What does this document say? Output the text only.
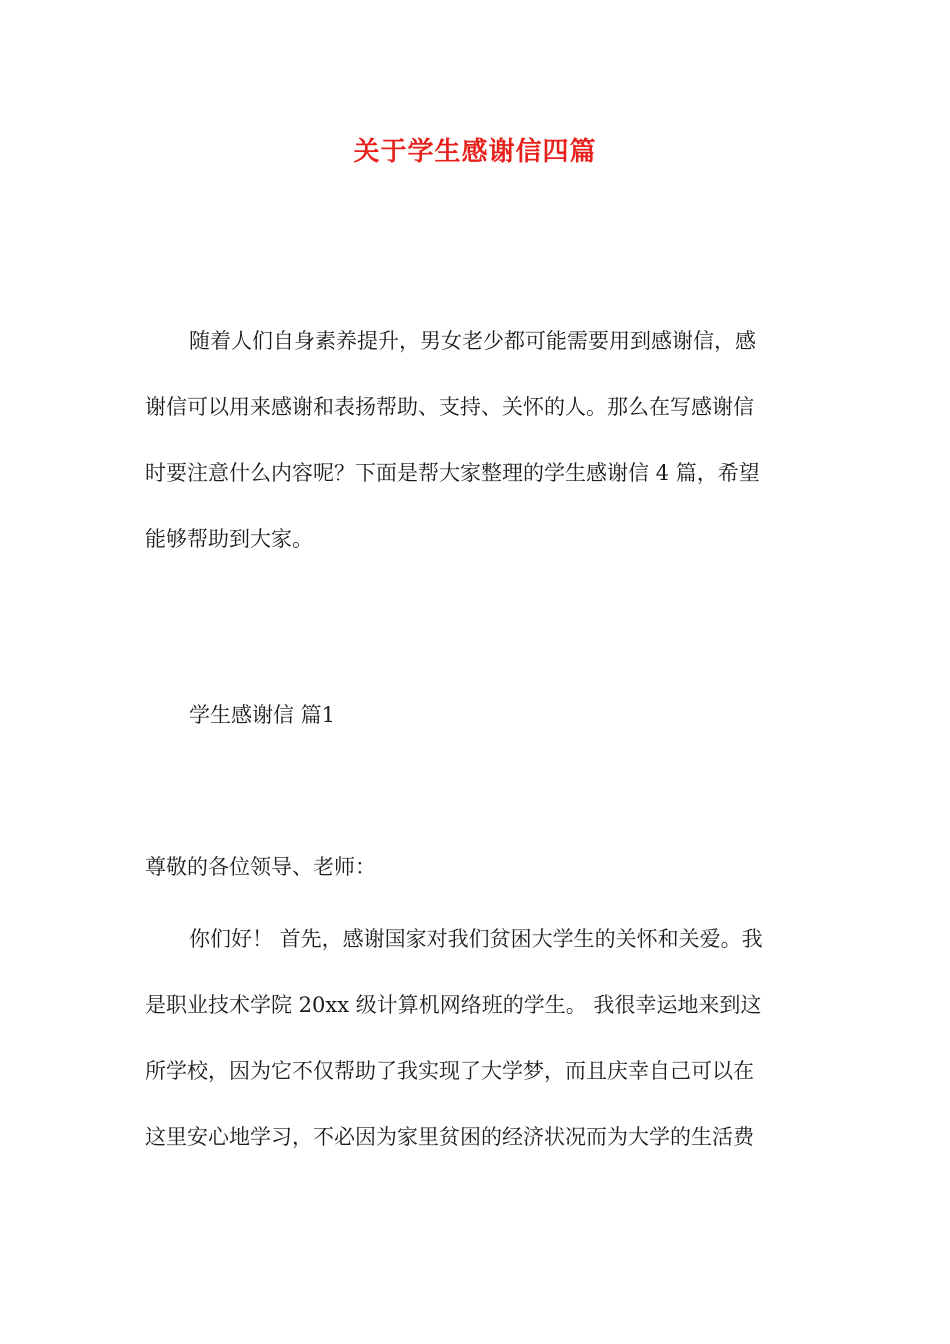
关于学生感谢信四篇
随着人们自身素养提升，男女老少都可能需要用到感谢信，感
谢信可以用来感谢和表扬帮助、支持、关怀的人。那么在写感谢信
时要注意什么内容呢？下面是帮大家整理的学生感谢信 4 篇，希望
能够帮助到大家。
学生感谢信 篇1
尊敬的各位领导、老师：
你们好！ 首先，感谢国家对我们贫困大学生的关怀和关爱。我
是职业技术学院 20xx 级计算机网络班的学生。 我很幸运地来到这
所学校，因为它不仅帮助了我实现了大学梦，而且庆幸自己可以在
这里安心地学习，不必因为家里贫困的经济状况而为大学的生活费
